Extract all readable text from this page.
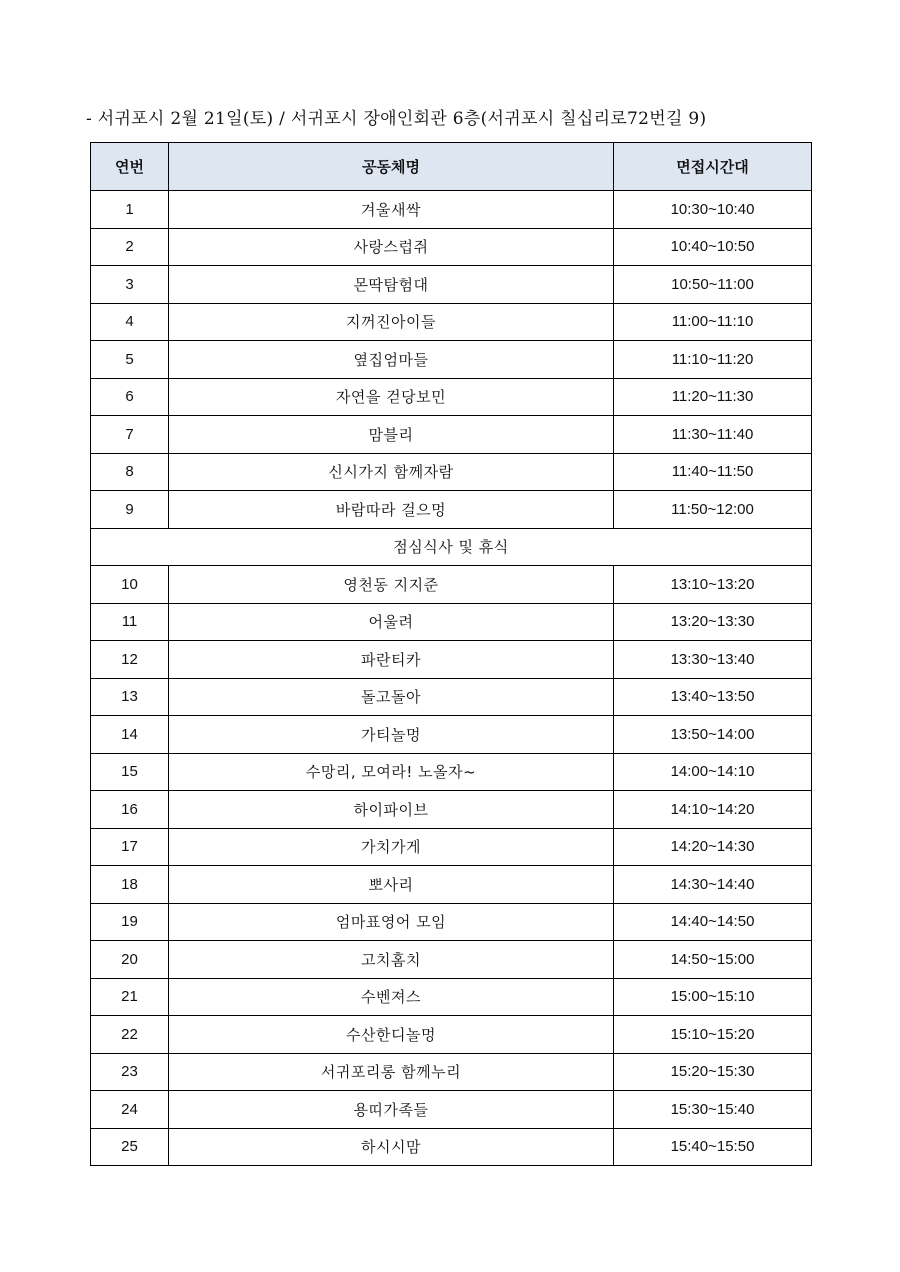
- 서귀포시 2월 21일(토) / 서귀포시 장애인회관 6층(서귀포시 칠십리로72번길 9)
연번	공동체명	면접시간대
1	겨울새싹	10:30~10:40
2	사랑스럽쥐	10:40~10:50
3	몬딱탐험대	10:50~11:00
4	지꺼진아이들	11:00~11:10
5	옆집엄마들	11:10~11:20
6	자연을 걷당보민	11:20~11:30
7	맘블리	11:30~11:40
8	신시가지 함께자람	11:40~11:50
9	바람따라 걸으멍	11:50~12:00
점심식사 및 휴식		
10	영천동 지지준	13:10~13:20
11	어울려	13:20~13:30
12	파란티카	13:30~13:40
13	돌고돌아	13:40~13:50
14	가티놀멍	13:50~14:00
15	수망리, 모여라! 노올자~	14:00~14:10
16	하이파이브	14:10~14:20
17	가치가게	14:20~14:30
18	뽀사리	14:30~14:40
19	엄마표영어 모임	14:40~14:50
20	고치홈치	14:50~15:00
21	수벤져스	15:00~15:10
22	수산한디놀멍	15:10~15:20
23	서귀포리롱 함께누리	15:20~15:30
24	용띠가족들	15:30~15:40
25	하시시맘	15:40~15:50
